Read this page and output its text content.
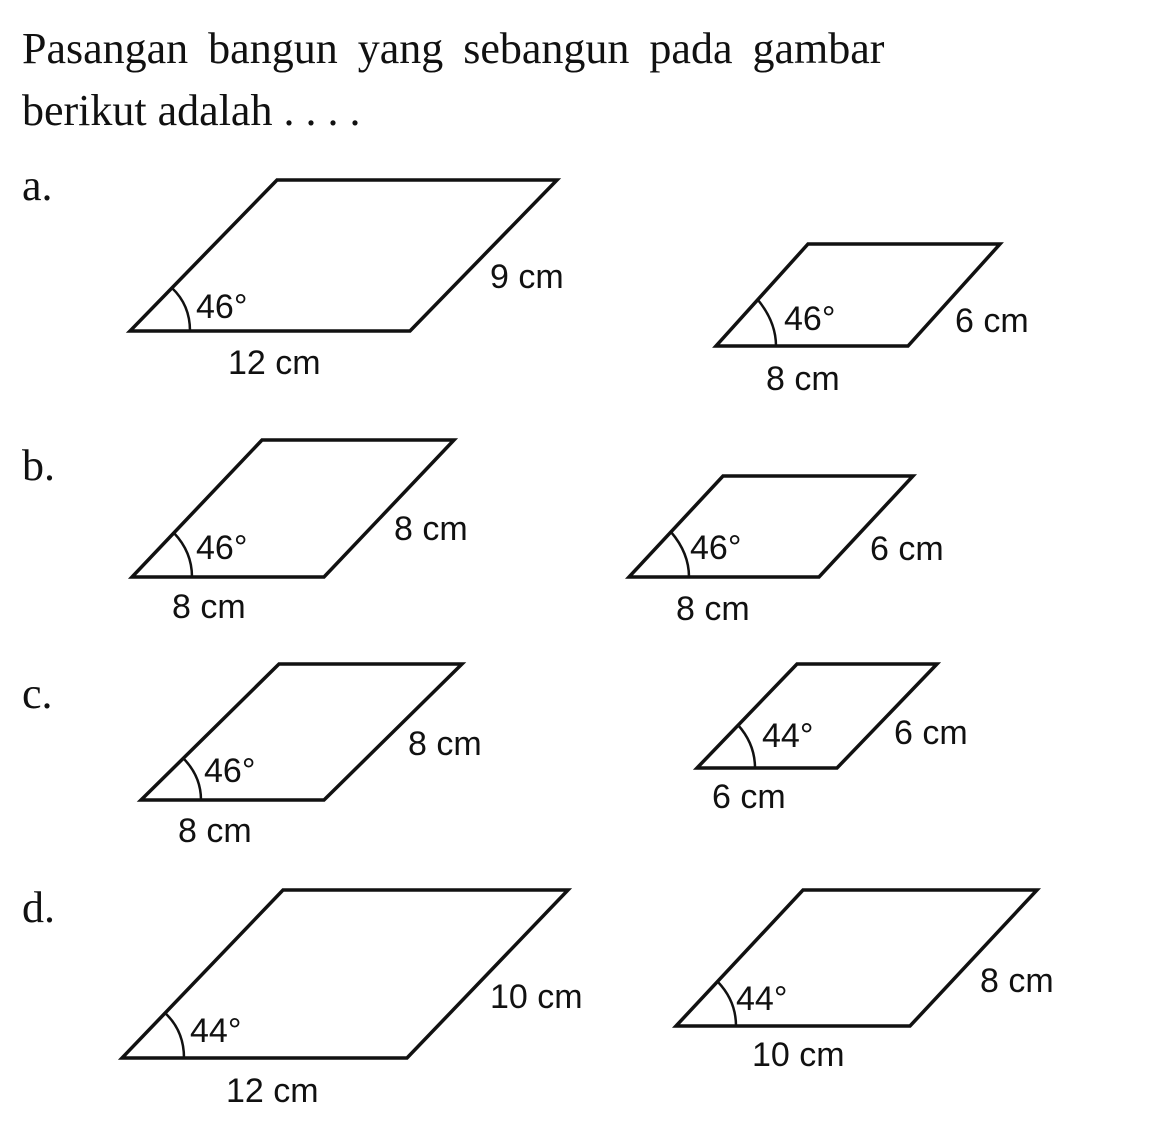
Pasangan bangun yang sebangun pada gambar
berikut adalah . . . .
a.
b.
c.
d.
46°
12 cm
9 cm
46°
8 cm
6 cm
46°
8 cm
8 cm	46°
8 cm
6 cm
46°
8 cm
8 cm	44°
6 cm
6 cm
44°
12 cm
10 cm	44°
10 cm
8 cm
